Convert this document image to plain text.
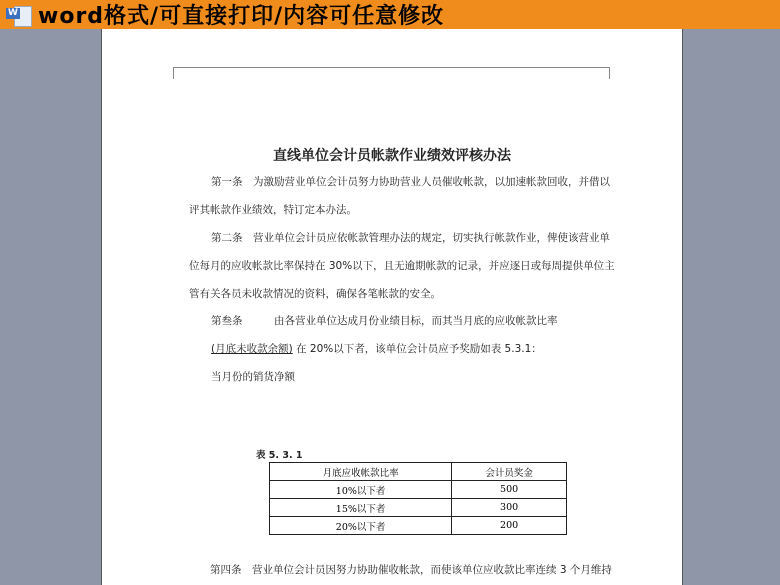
W word格式/可直接打印/内容可任意修改
直线单位会计员帐款作业绩效评核办法
第一条　为激励营业单位会计员努力协助营业人员催收帐款，以加速帐款回收，并借以
评其帐款作业绩效，特订定本办法。
第二条　营业单位会计员应依帐款管理办法的规定，切实执行帐款作业，俾使该营业单
位每月的应收帐款比率保持在 30%以下，且无逾期帐款的记录，并应逐日或每周提供单位主
管有关各员未收款情况的资料，确保各笔帐款的安全。
第叁条　　　由各营业单位达成月份业绩目标，而其当月底的应收帐款比率
(月底未收款余额) 在 20%以下者，该单位会计员应予奖励如表 5.3.1：
当月份的销货净额
表 5. 3. 1
月底应收帐款比率	会计员奖金
10%以下者	500
15%以下者	300
20%以下者	200
第四条　营业单位会计员因努力协助催收帐款，而使该单位应收款比率连续 3 个月维持
